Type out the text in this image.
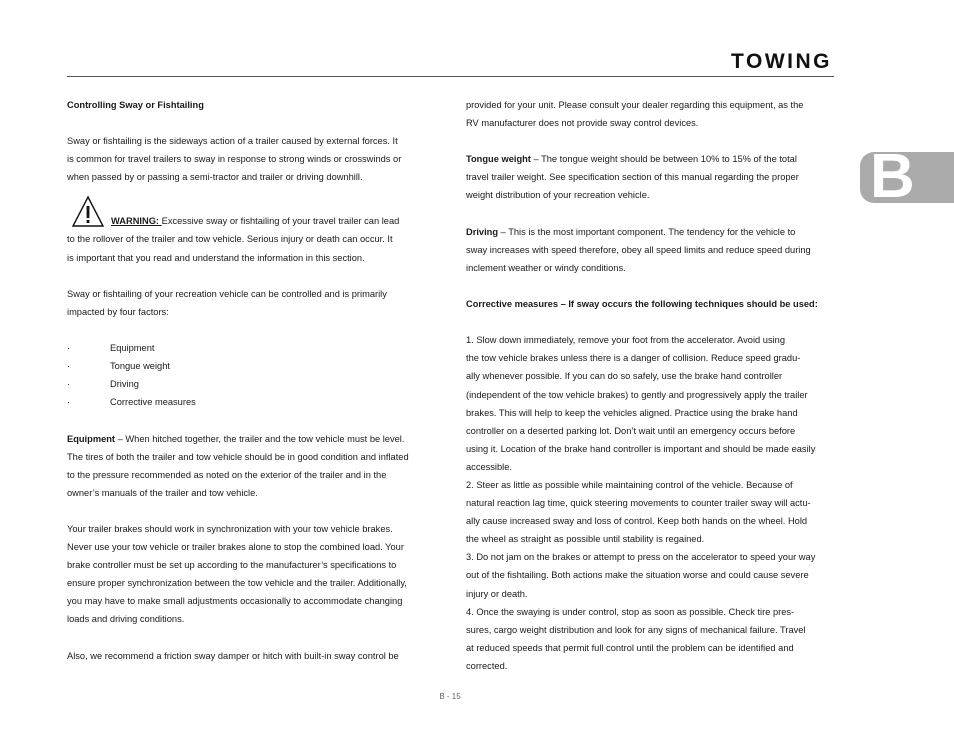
TOWING
B
Controlling Sway or Fishtailing
Sway or fishtailing is the sideways action of a trailer caused by external forces. It
is common for travel trailers to sway in response to strong winds or crosswinds or
when passed by or passing a semi-tractor and trailer or driving downhill.
WARNING: Excessive sway or fishtailing of your travel trailer can lead
to the rollover of the trailer and tow vehicle. Serious injury or death can occur. It
is important that you read and understand the information in this section.
Sway or fishtailing of your recreation vehicle can be controlled and is primarily
impacted by four factors:
·	Equipment
·	Tongue weight
·	Driving
·	Corrective measures
Equipment – When hitched together, the trailer and the tow vehicle must be level.
The tires of both the trailer and tow vehicle should be in good condition and inflated
to the pressure recommended as noted on the exterior of the trailer and in the
owner’s manuals of the trailer and tow vehicle.
Your trailer brakes should work in synchronization with your tow vehicle brakes.
Never use your tow vehicle or trailer brakes alone to stop the combined load. Your
brake controller must be set up according to the manufacturer’s specifications to
ensure proper synchronization between the tow vehicle and the trailer. Additionally,
you may have to make small adjustments occasionally to accommodate changing
loads and driving conditions.
Also, we recommend a friction sway damper or hitch with built-in sway control be
provided for your unit. Please consult your dealer regarding this equipment, as the
RV manufacturer does not provide sway control devices.
Tongue weight – The tongue weight should be between 10% to 15% of the total
travel trailer weight. See specification section of this manual regarding the proper
weight distribution of your recreation vehicle.
Driving – This is the most important component. The tendency for the vehicle to
sway increases with speed therefore, obey all speed limits and reduce speed during
inclement weather or windy conditions.
Corrective measures – If sway occurs the following techniques should be used:
1. Slow down immediately, remove your foot from the accelerator. Avoid using
the tow vehicle brakes unless there is a danger of collision. Reduce speed gradu-
ally whenever possible. If you can do so safely, use the brake hand controller
(independent of the tow vehicle brakes) to gently and progressively apply the trailer
brakes. This will help to keep the vehicles aligned. Practice using the brake hand
controller on a deserted parking lot. Don’t wait until an emergency occurs before
using it. Location of the brake hand controller is important and should be made easily
accessible.
2. Steer as little as possible while maintaining control of the vehicle. Because of
natural reaction lag time, quick steering movements to counter trailer sway will actu-
ally cause increased sway and loss of control. Keep both hands on the wheel. Hold
the wheel as straight as possible until stability is regained.
3. Do not jam on the brakes or attempt to press on the accelerator to speed your way
out of the fishtailing. Both actions make the situation worse and could cause severe
injury or death.
4. Once the swaying is under control, stop as soon as possible. Check tire pres-
sures, cargo weight distribution and look for any signs of mechanical failure. Travel
at reduced speeds that permit full control until the problem can be identified and
corrected.
B - 15
